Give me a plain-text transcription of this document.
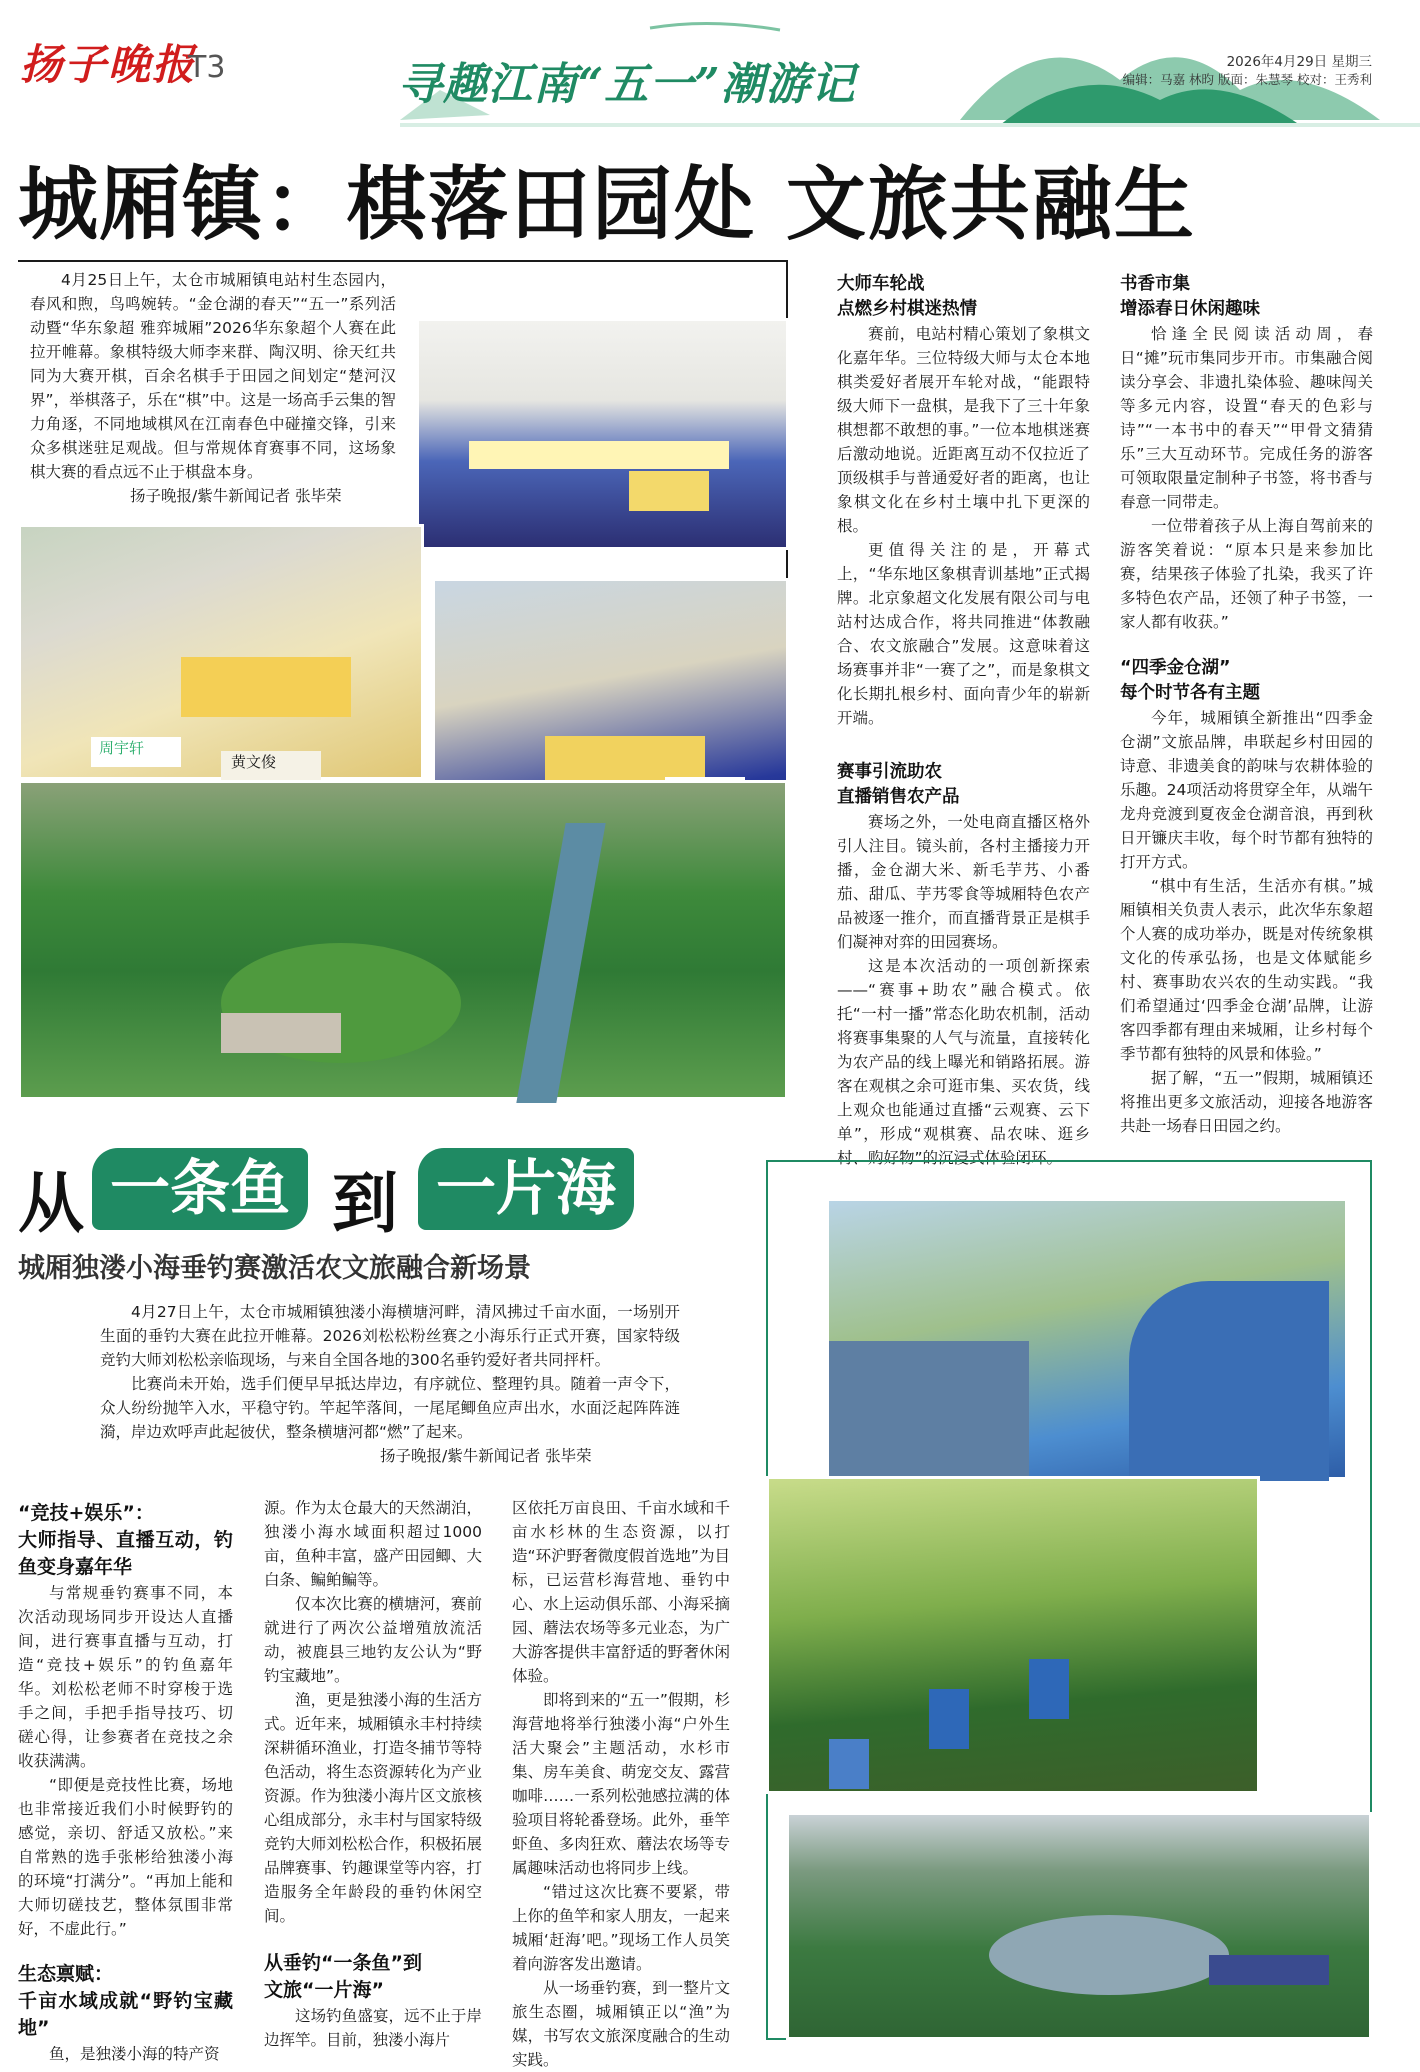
扬子晚报
T3	寻趣江南“五一”潮游记	2026年4月29日 星期三
编辑：马嘉 林昀 版面：朱慧琴 校对：王秀利
城厢镇：棋落田园处 文旅共融生

4月25日上午，太仓市城厢镇电站村生态园内，春风和煦，鸟鸣婉转。“金仓湖的春天”“五一”系列活动暨“华东象超 雅弈城厢”2026华东象超个人赛在此拉开帷幕。象棋特级大师李来群、陶汉明、徐天红共同为大赛开棋，百余名棋手于田园之间划定“楚河汉界”，举棋落子，乐在“棋”中。这是一场高手云集的智力角逐，不同地域棋风在江南春色中碰撞交锋，引来众多棋迷驻足观战。但与常规体育赛事不同，这场象棋大赛的看点远不止于棋盘本身。

扬子晚报/紫牛新闻记者 张毕荣

周宇轩
黄文俊
大师车轮战
点燃乡村棋迷热情

赛前，电站村精心策划了象棋文化嘉年华。三位特级大师与太仓本地棋类爱好者展开车轮对战，“能跟特级大师下一盘棋，是我下了三十年象棋想都不敢想的事。”一位本地棋迷赛后激动地说。近距离互动不仅拉近了顶级棋手与普通爱好者的距离，也让象棋文化在乡村土壤中扎下更深的根。

更值得关注的是，开幕式上，“华东地区象棋青训基地”正式揭牌。北京象超文化发展有限公司与电站村达成合作，将共同推进“体教融合、农文旅融合”发展。这意味着这场赛事并非“一赛了之”，而是象棋文化长期扎根乡村、面向青少年的崭新开端。

赛事引流助农
直播销售农产品

赛场之外，一处电商直播区格外引人注目。镜头前，各村主播接力开播，金仓湖大米、新毛芋艿、小番茄、甜瓜、芋艿零食等城厢特色农产品被逐一推介，而直播背景正是棋手们凝神对弈的田园赛场。

这是本次活动的一项创新探索——“赛事+助农”融合模式。依托“一村一播”常态化助农机制，活动将赛事集聚的人气与流量，直接转化为农产品的线上曝光和销路拓展。游客在观棋之余可逛市集、买农货，线上观众也能通过直播“云观赛、云下单”，形成“观棋赛、品农味、逛乡村、购好物”的沉浸式体验闭环。

书香市集
增添春日休闲趣味

恰逢全民阅读活动周，春日“摊”玩市集同步开市。市集融合阅读分享会、非遗扎染体验、趣味闯关等多元内容，设置“春天的色彩与诗”“一本书中的春天”“甲骨文猜猜乐”三大互动环节。完成任务的游客可领取限量定制种子书签，将书香与春意一同带走。

一位带着孩子从上海自驾前来的游客笑着说：“原本只是来参加比赛，结果孩子体验了扎染，我买了许多特色农产品，还领了种子书签，一家人都有收获。”

“四季金仓湖”
每个时节各有主题

今年，城厢镇全新推出“四季金仓湖”文旅品牌，串联起乡村田园的诗意、非遗美食的韵味与农耕体验的乐趣。24项活动将贯穿全年，从端午龙舟竞渡到夏夜金仓湖音浪，再到秋日开镰庆丰收，每个时节都有独特的打开方式。

“棋中有生活，生活亦有棋。”城厢镇相关负责人表示，此次华东象超个人赛的成功举办，既是对传统象棋文化的传承弘扬，也是文体赋能乡村、赛事助农兴农的生动实践。“我们希望通过‘四季金仓湖’品牌，让游客四季都有理由来城厢，让乡村每个季节都有独特的风景和体验。”

据了解，“五一”假期，城厢镇还将推出更多文旅活动，迎接各地游客共赴一场春日田园之约。

从 一条鱼 到 一片海
城厢独溇小海垂钓赛激活农文旅融合新场景

4月27日上午，太仓市城厢镇独溇小海横塘河畔，清风拂过千亩水面，一场别开生面的垂钓大赛在此拉开帷幕。2026刘松松粉丝赛之小海乐行正式开赛，国家特级竞钓大师刘松松亲临现场，与来自全国各地的300名垂钓爱好者共同抨杆。

比赛尚未开始，选手们便早早抵达岸边，有序就位、整理钓具。随着一声令下，众人纷纷抛竿入水，平稳守钓。竿起竿落间，一尾尾鲫鱼应声出水，水面泛起阵阵涟漪，岸边欢呼声此起彼伏，整条横塘河都“燃”了起来。

扬子晚报/紫牛新闻记者 张毕荣

“竞技+娱乐”：
大师指导、直播互动，钓鱼变身嘉年华

与常规垂钓赛事不同，本次活动现场同步开设达人直播间，进行赛事直播与互动，打造“竞技+娱乐”的钓鱼嘉年华。刘松松老师不时穿梭于选手之间，手把手指导技巧、切磋心得，让参赛者在竞技之余收获满满。

“即便是竞技性比赛，场地也非常接近我们小时候野钓的感觉，亲切、舒适又放松。”来自常熟的选手张彬给独溇小海的环境“打满分”。“再加上能和大师切磋技艺，整体氛围非常好，不虚此行。”

生态禀赋：
千亩水域成就“野钓宝藏地”

鱼，是独溇小海的特产资

源。作为太仓最大的天然湖泊，独溇小海水域面积超过1000亩，鱼种丰富，盛产田园鲫、大白条、鳊鲌鳊等。

仅本次比赛的横塘河，赛前就进行了两次公益增殖放流活动，被鹿县三地钓友公认为“野钓宝藏地”。

渔，更是独溇小海的生活方式。近年来，城厢镇永丰村持续深耕循环渔业，打造冬捕节等特色活动，将生态资源转化为产业资源。作为独溇小海片区文旅核心组成部分，永丰村与国家特级竞钓大师刘松松合作，积极拓展品牌赛事、钓趣课堂等内容，打造服务全年龄段的垂钓休闲空间。

从垂钓“一条鱼”到
文旅“一片海”

这场钓鱼盛宴，远不止于岸边挥竿。目前，独溇小海片

区依托万亩良田、千亩水域和千亩水杉林的生态资源，以打造“环沪野奢微度假首选地”为目标，已运营杉海营地、垂钓中心、水上运动俱乐部、小海采摘园、蘑法农场等多元业态，为广大游客提供丰富舒适的野奢休闲体验。

即将到来的“五一”假期，杉海营地将举行独溇小海“户外生活大聚会”主题活动，水杉市集、房车美食、萌宠交友、露营咖啡……一系列松弛感拉满的体验项目将轮番登场。此外，垂竿虾鱼、多肉狂欢、蘑法农场等专属趣味活动也将同步上线。

“错过这次比赛不要紧，带上你的鱼竿和家人朋友，一起来城厢‘赶海’吧。”现场工作人员笑着向游客发出邀请。

从一场垂钓赛，到一整片文旅生态圈，城厢镇正以“渔”为媒，书写农文旅深度融合的生动实践。
